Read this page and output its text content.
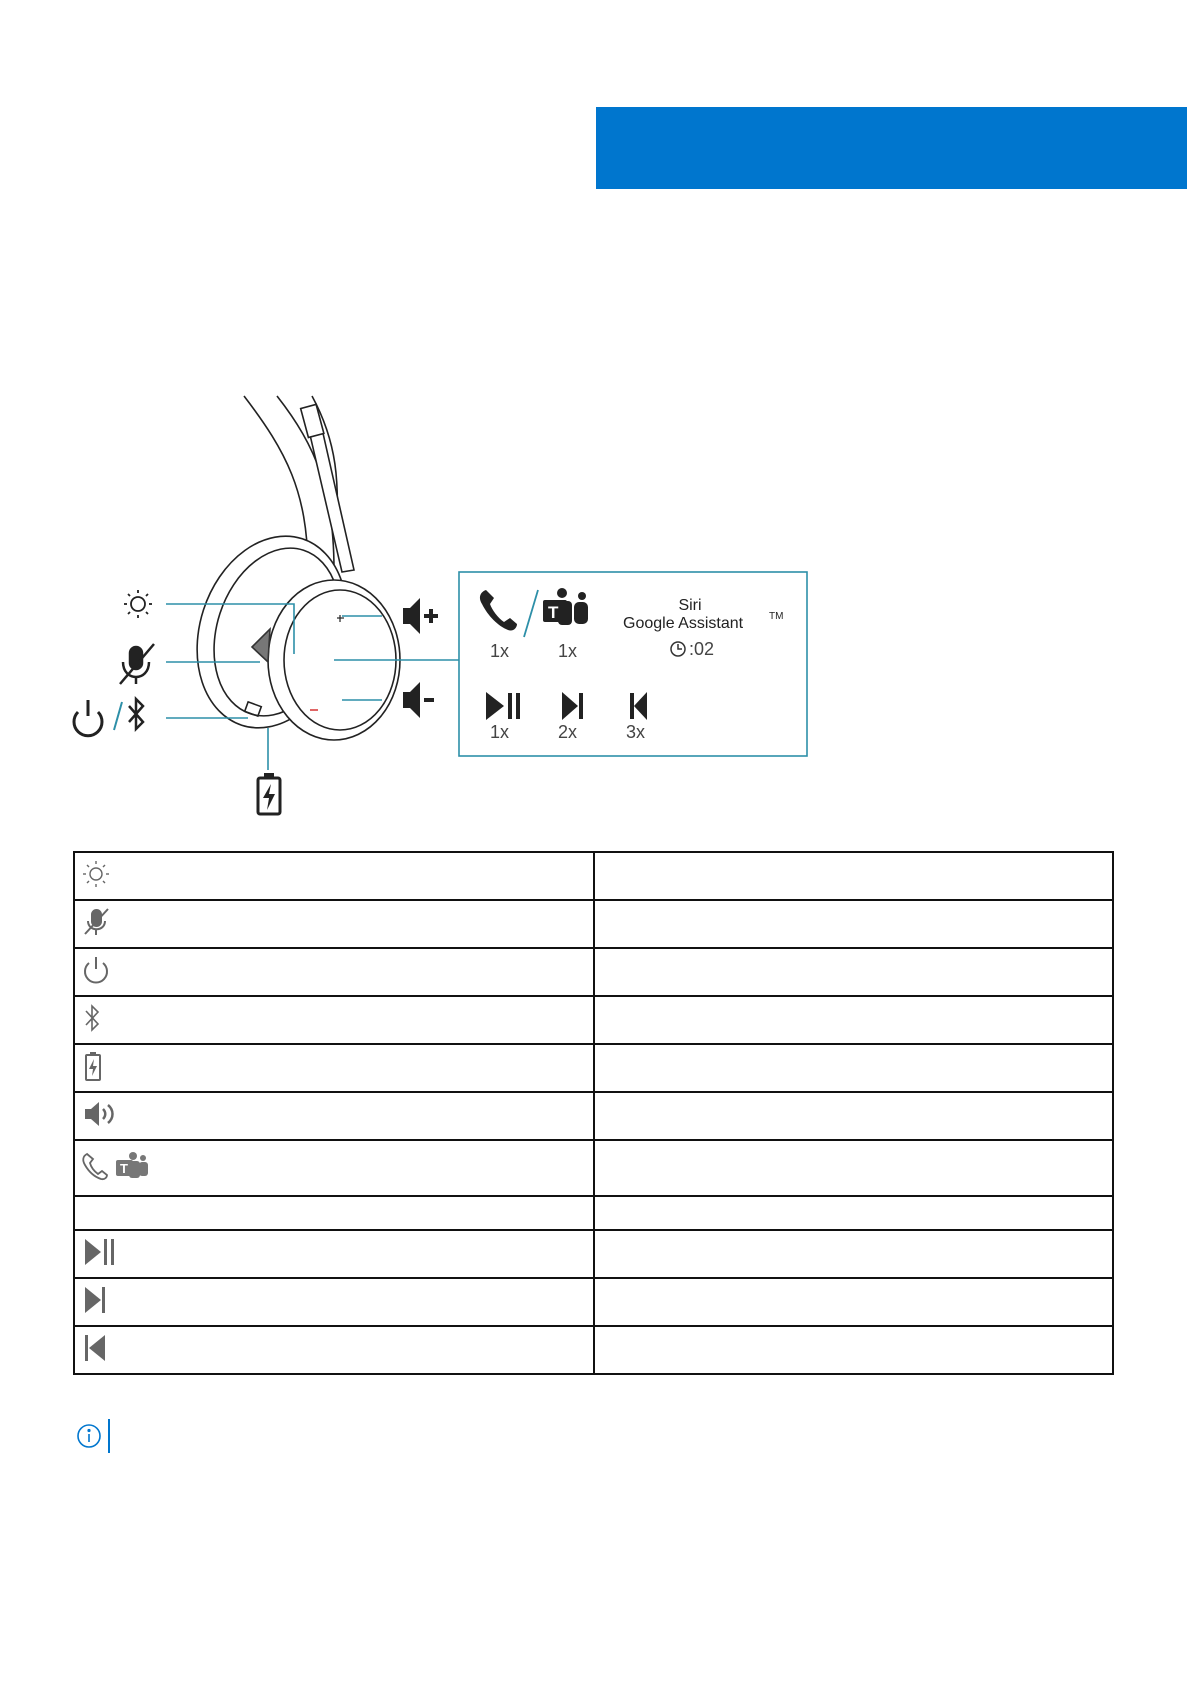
T
1x	1x
Siri
Google Assistant	TM
:02
1x	2x	3x

T	
